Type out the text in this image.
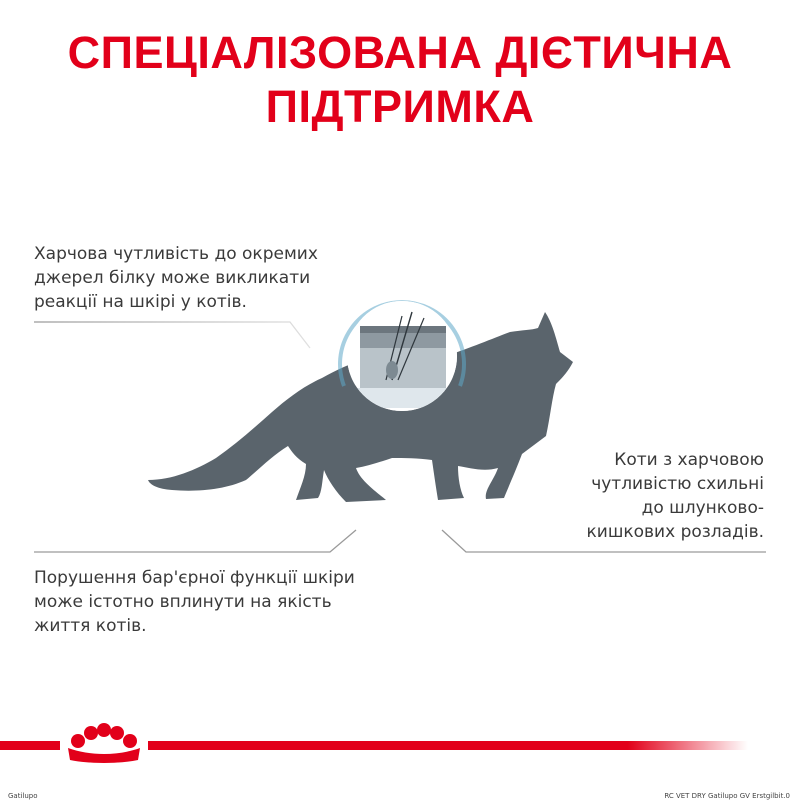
СПЕЦІАЛІЗОВАНА ДІЄТИЧНА
ПІДТРИМКА
Харчова чутливість до окремих
джерел білку може викликати
реакції на шкірі у котів.
Порушення бар'єрної функції шкіри
може істотно вплинути на якість
життя котів.
Коти з харчовою
чутливістю схильні
до шлунково-
кишкових розладів.
Gatilupo	RC VET DRY Gatilupo GV Erstgilbit.0
